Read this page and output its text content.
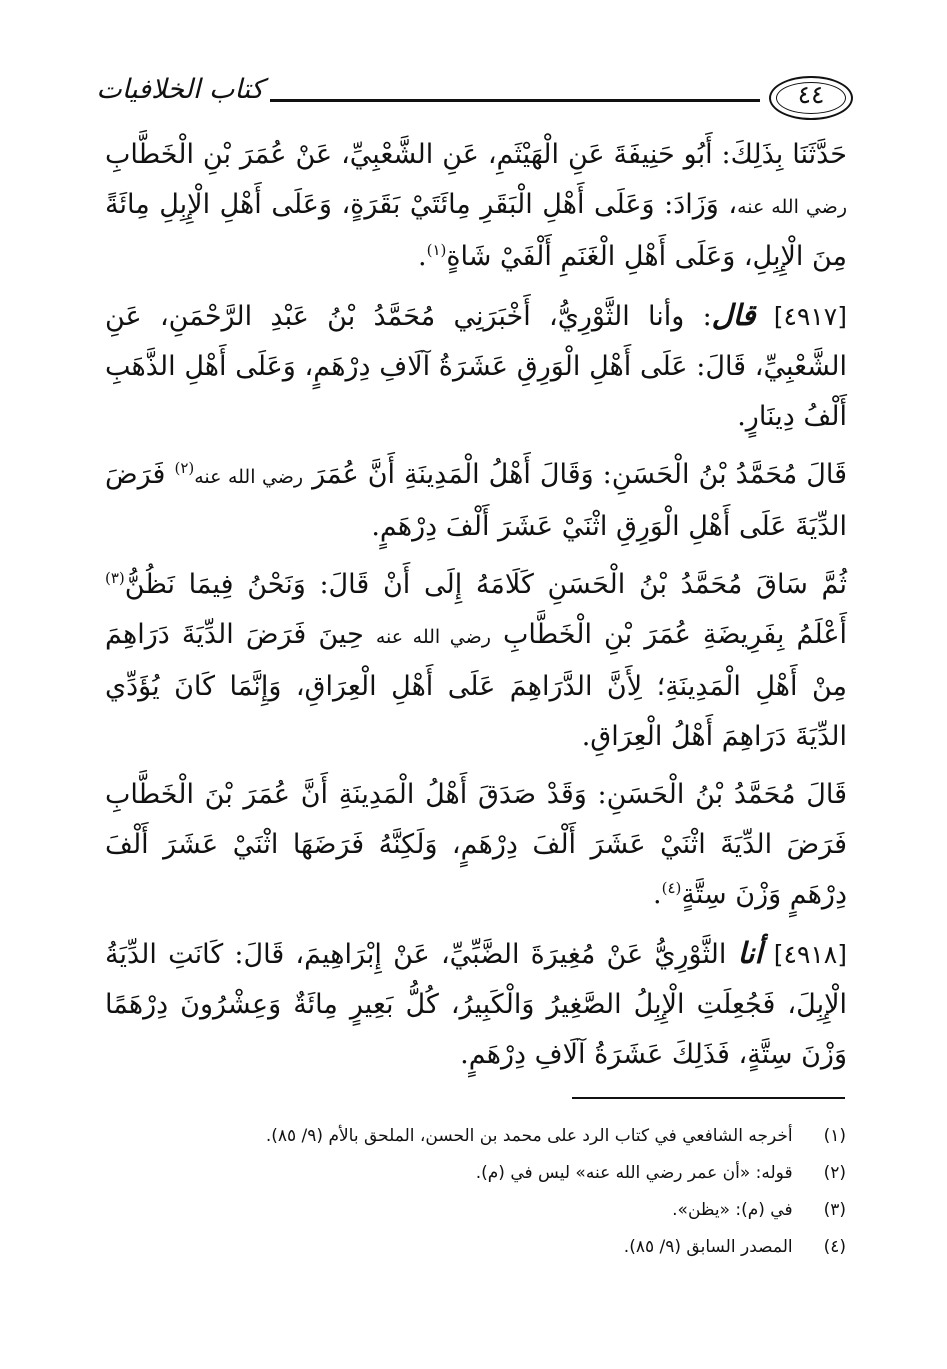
كتاب الخلافيات	٤٤

حَدَّثَنَا بِذَلِكَ: أَبُو حَنِيفَةَ عَنِ الْهَيْثَمِ، عَنِ الشَّعْبِيِّ، عَنْ عُمَرَ بْنِ الْخَطَّابِ رضي الله عنه، وَزَادَ: وَعَلَى أَهْلِ الْبَقَرِ مِائَتَيْ بَقَرَةٍ، وَعَلَى أَهْلِ الْإِبِلِ مِائَةً مِنَ الْإِبِلِ، وَعَلَى أَهْلِ الْغَنَمِ أَلْفَيْ شَاةٍ$^{(١)}$.

[٤٩١٧] قال: وأنا الثَّوْرِيُّ، أَخْبَرَنِي مُحَمَّدُ بْنُ عَبْدِ الرَّحْمَنِ، عَنِ الشَّعْبِيِّ، قَالَ: عَلَى أَهْلِ الْوَرِقِ عَشَرَةُ آلَافِ دِرْهَمٍ، وَعَلَى أَهْلِ الذَّهَبِ أَلْفُ دِينَارٍ.

قَالَ مُحَمَّدُ بْنُ الْحَسَنِ: وَقَالَ أَهْلُ الْمَدِينَةِ أَنَّ عُمَرَ رضي الله عنه$^{(٢)}$ فَرَضَ الدِّيَةَ عَلَى أَهْلِ الْوَرِقِ اثْنَيْ عَشَرَ أَلْفَ دِرْهَمٍ.

ثُمَّ سَاقَ مُحَمَّدُ بْنُ الْحَسَنِ كَلَامَهُ إِلَى أَنْ قَالَ: وَنَحْنُ فِيمَا نَظُنُّ$^{(٣)}$ أَعْلَمُ بِفَرِيضَةِ عُمَرَ بْنِ الْخَطَّابِ رضي الله عنه حِينَ فَرَضَ الدِّيَةَ دَرَاهِمَ مِنْ أَهْلِ الْمَدِينَةِ؛ لِأَنَّ الدَّرَاهِمَ عَلَى أَهْلِ الْعِرَاقِ، وَإِنَّمَا كَانَ يُؤَدِّي الدِّيَةَ دَرَاهِمَ أَهْلُ الْعِرَاقِ.

قَالَ مُحَمَّدُ بْنُ الْحَسَنِ: وَقَدْ صَدَقَ أَهْلُ الْمَدِينَةِ أَنَّ عُمَرَ بْنَ الْخَطَّابِ فَرَضَ الدِّيَةَ اثْنَيْ عَشَرَ أَلْفَ دِرْهَمٍ، وَلَكِنَّهُ فَرَضَهَا اثْنَيْ عَشَرَ أَلْفَ دِرْهَمٍ وَزْنَ سِتَّةٍ$^{(٤)}$.

[٤٩١٨] أنا الثَّوْرِيُّ عَنْ مُغِيرَةَ الضَّبِّيِّ، عَنْ إِبْرَاهِيمَ، قَالَ: كَانَتِ الدِّيَةُ الْإِبِلَ، فَجُعِلَتِ الْإِبِلُ الصَّغِيرُ وَالْكَبِيرُ، كُلُّ بَعِيرٍ مِائَةٌ وَعِشْرُونَ دِرْهَمًا وَزْنَ سِتَّةٍ، فَذَلِكَ عَشَرَةُ آلَافِ دِرْهَمٍ.

(١) أخرجه الشافعي في كتاب الرد على محمد بن الحسن، الملحق بالأم (٩/ ٨٥).
(٢) قوله: «أن عمر رضي الله عنه» ليس في (م).
(٣) في (م): «يظن».
(٤) المصدر السابق (٩/ ٨٥).
